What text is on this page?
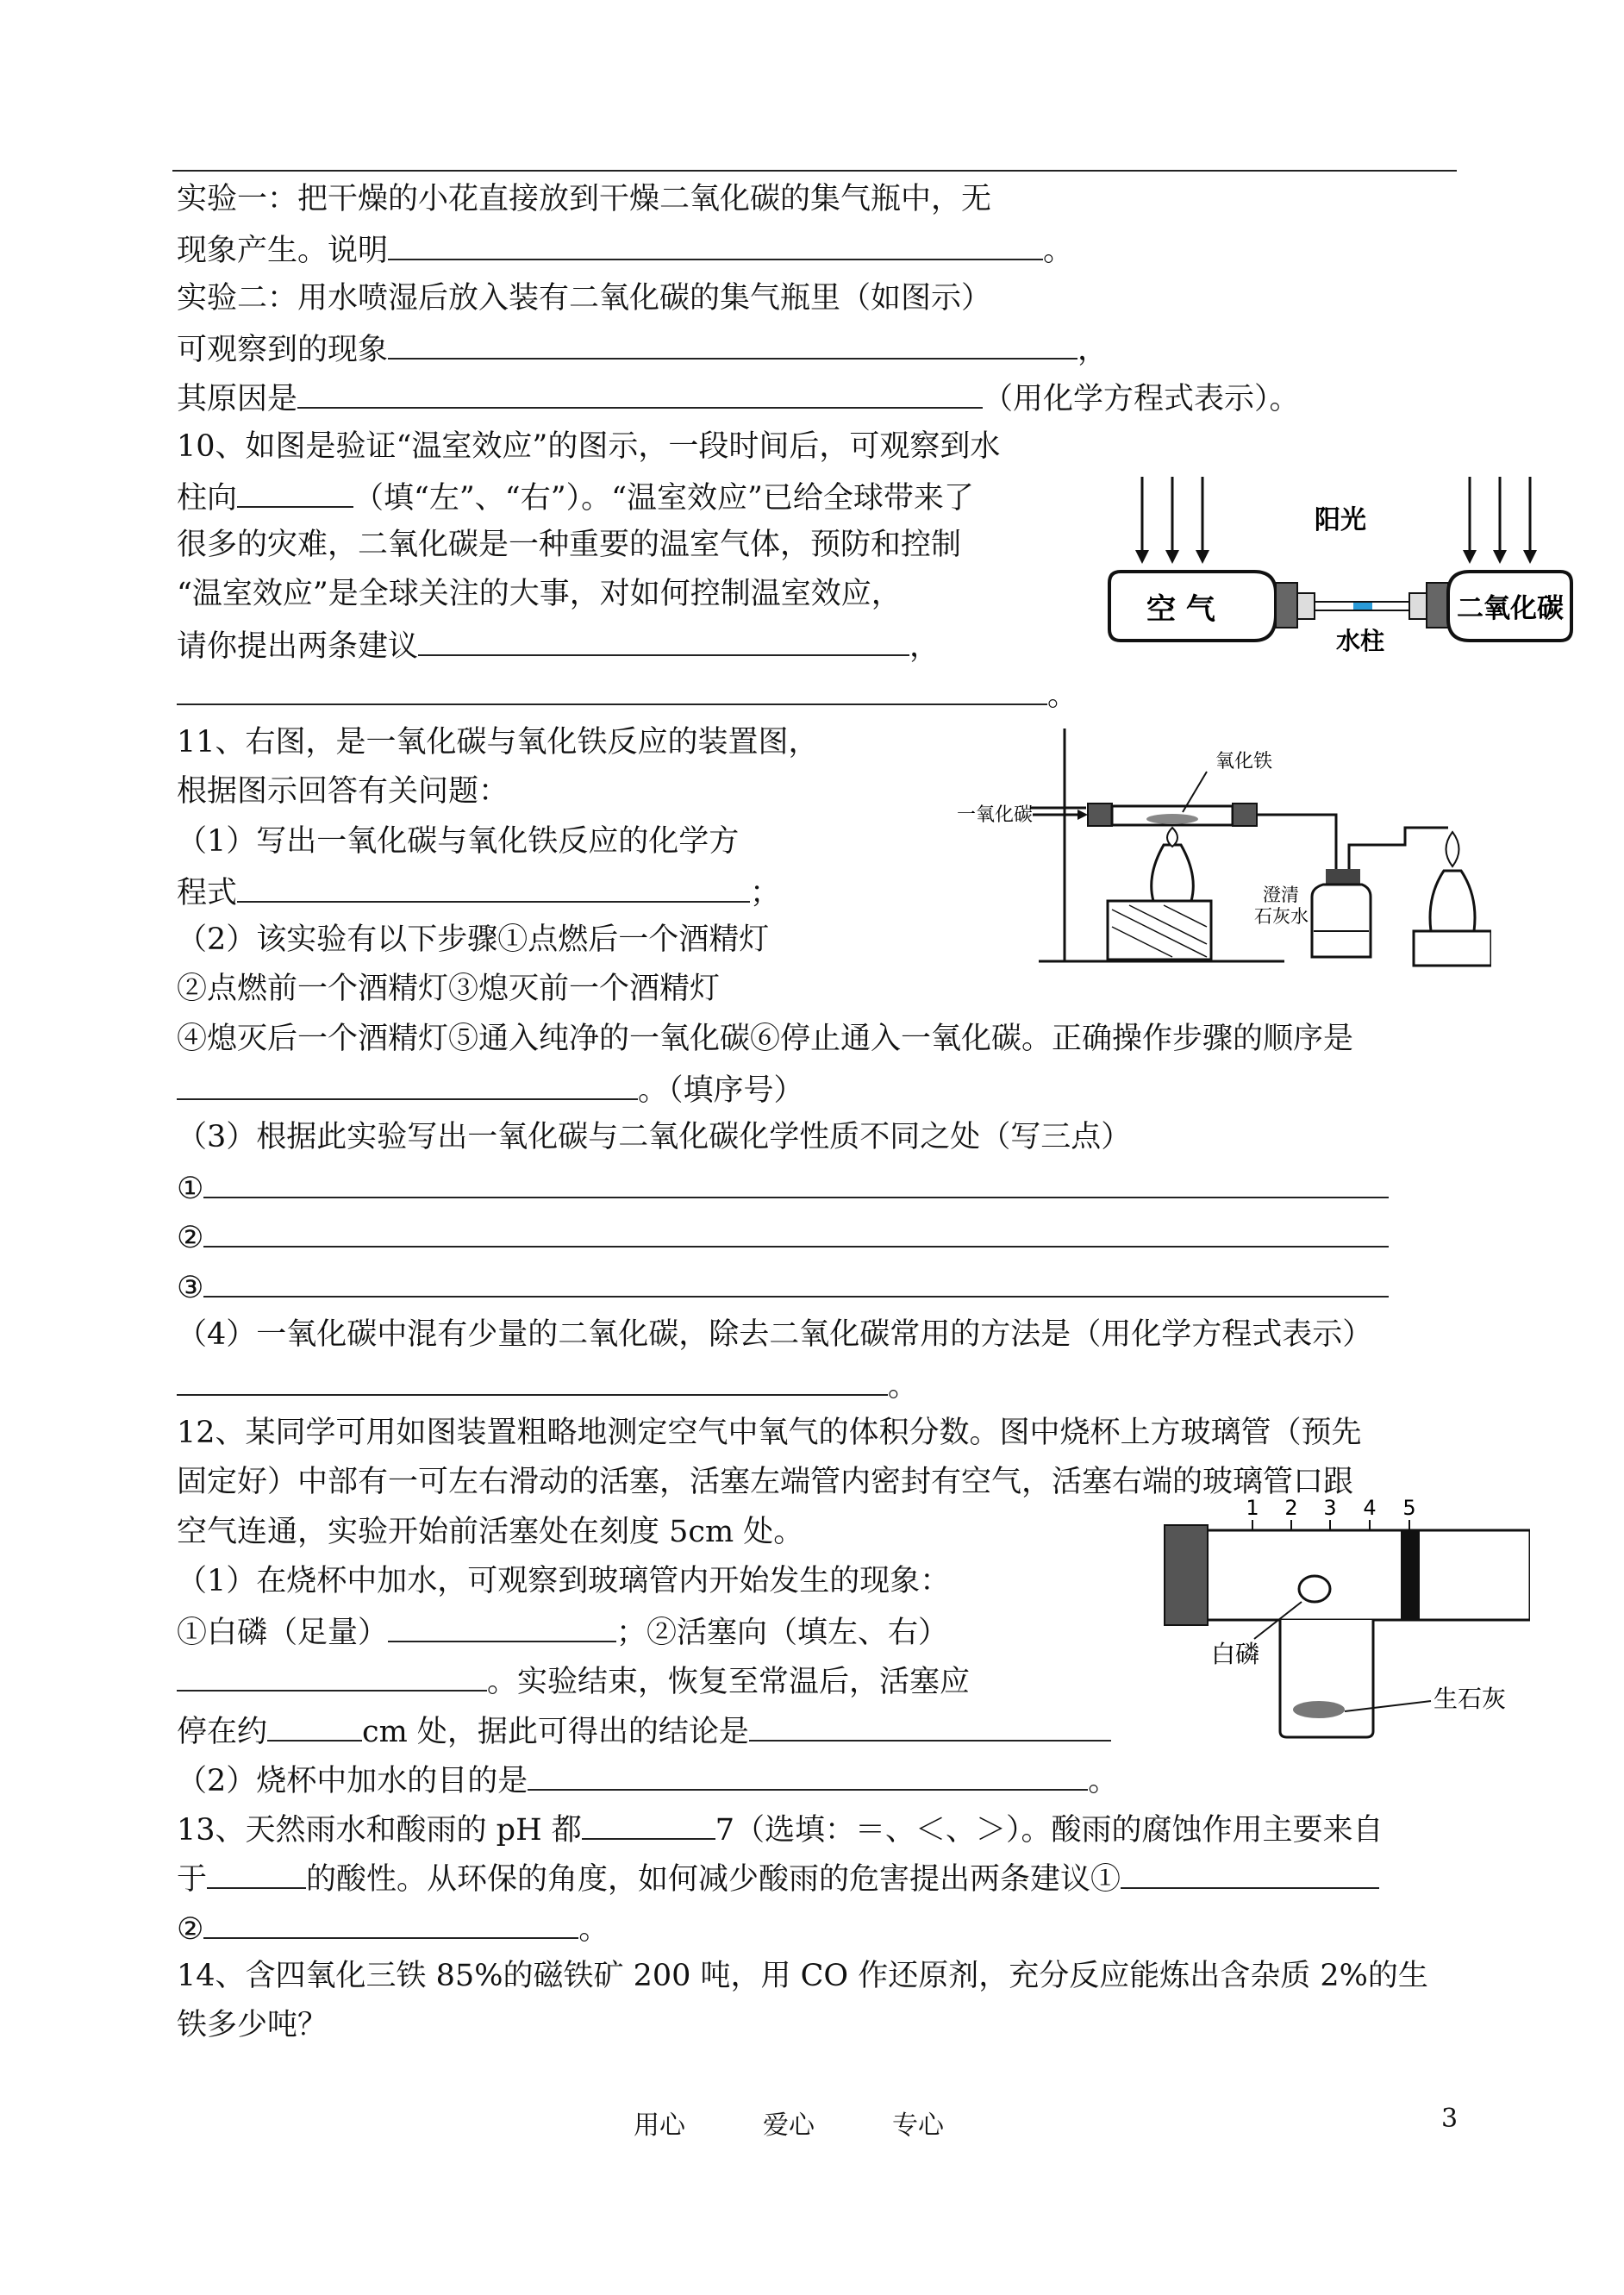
实验一：把干燥的小花直接放到干燥二氧化碳的集气瓶中，无
现象产生。说明	。
实验二：用水喷湿后放入装有二氧化碳的集气瓶里（如图示）
可观察到的现象	，
其原因是	（用化学方程式表示）。
10、如图是验证“温室效应”的图示，一段时间后，可观察到水
柱向	（填“左”、“右”）。“温室效应”已给全球带来了
很多的灾难，二氧化碳是一种重要的温室气体，预防和控制
“温室效应”是全球关注的大事，对如何控制温室效应，
请你提出两条建议	，
。
11、右图，是一氧化碳与氧化铁反应的装置图，
根据图示回答有关问题：
（1）写出一氧化碳与氧化铁反应的化学方
程式	；
（2）该实验有以下步骤①点燃后一个酒精灯
②点燃前一个酒精灯③熄灭前一个酒精灯
④熄灭后一个酒精灯⑤通入纯净的一氧化碳⑥停止通入一氧化碳。正确操作步骤的顺序是
。（填序号）
（3）根据此实验写出一氧化碳与二氧化碳化学性质不同之处（写三点）
①
②
③
（4）一氧化碳中混有少量的二氧化碳，除去二氧化碳常用的方法是（用化学方程式表示）
。
12、某同学可用如图装置粗略地测定空气中氧气的体积分数。图中烧杯上方玻璃管（预先
固定好）中部有一可左右滑动的活塞，活塞左端管内密封有空气，活塞右端的玻璃管口跟
空气连通，实验开始前活塞处在刻度 5cm 处。
（1）在烧杯中加水，可观察到玻璃管内开始发生的现象：
①白磷（足量）	；②活塞向（填左、右）
。实验结束，恢复至常温后，活塞应
停在约	cm 处，据此可得出的结论是
（2）烧杯中加水的目的是	。
13、天然雨水和酸雨的 pH 都	7（选填：＝、＜、＞）。酸雨的腐蚀作用主要来自
于	的酸性。从环保的角度，如何减少酸雨的危害提出两条建议①
②	。
14、含四氧化三铁 85%的磁铁矿 200 吨，用 CO 作还原剂，充分反应能炼出含杂质 2%的生
铁多少吨？
阳光
空 气
水柱
二氧化碳
一氧化碳
氧化铁
澄清
石灰水
1 2 3 4 5
白磷
生石灰
用心	爱心	专心	3
